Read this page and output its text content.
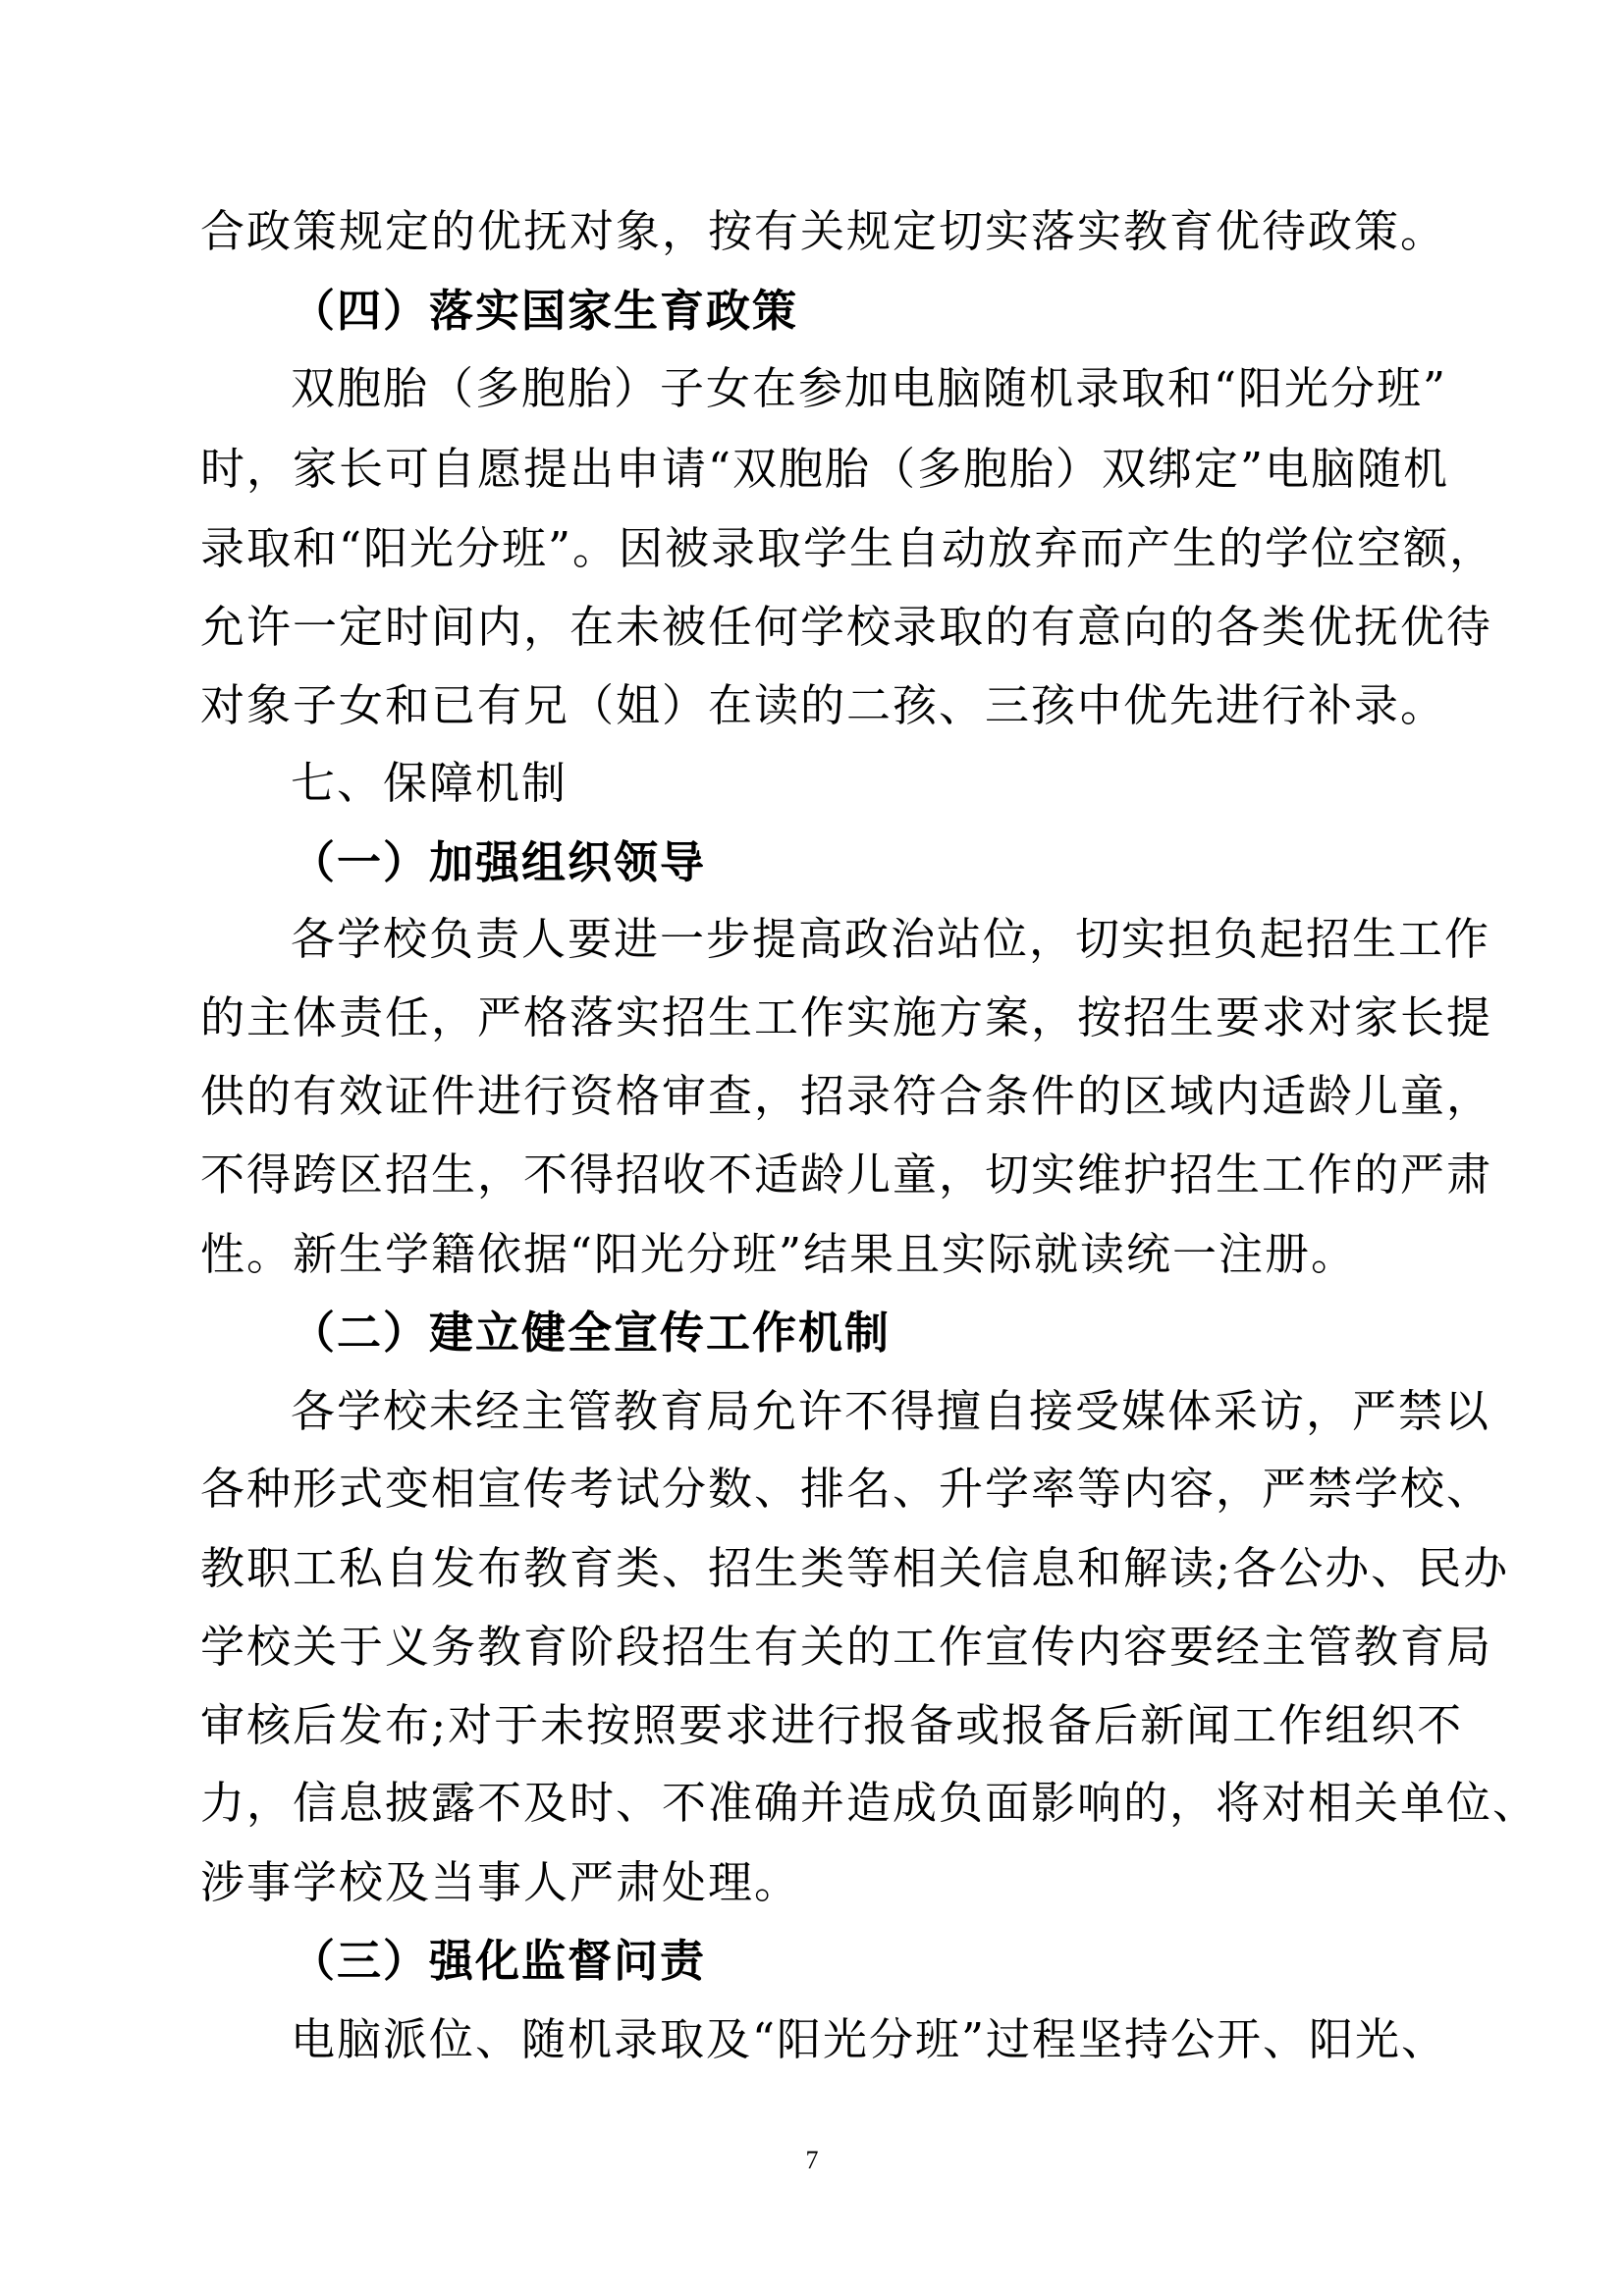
合政策规定的优抚对象，按有关规定切实落实教育优待政策。
（四）落实国家生育政策
双胞胎（多胞胎）子女在参加电脑随机录取和“阳光分班”
时，家长可自愿提出申请“双胞胎（多胞胎）双绑定”电脑随机
录取和“阳光分班”。因被录取学生自动放弃而产生的学位空额，
允许一定时间内，在未被任何学校录取的有意向的各类优抚优待
对象子女和已有兄（姐）在读的二孩、三孩中优先进行补录。
七、保障机制
（一）加强组织领导
各学校负责人要进一步提高政治站位，切实担负起招生工作
的主体责任，严格落实招生工作实施方案，按招生要求对家长提
供的有效证件进行资格审查，招录符合条件的区域内适龄儿童，
不得跨区招生，不得招收不适龄儿童，切实维护招生工作的严肃
性。新生学籍依据“阳光分班”结果且实际就读统一注册。
（二）建立健全宣传工作机制
各学校未经主管教育局允许不得擅自接受媒体采访，严禁以
各种形式变相宣传考试分数、排名、升学率等内容，严禁学校、
教职工私自发布教育类、招生类等相关信息和解读;各公办、民办
学校关于义务教育阶段招生有关的工作宣传内容要经主管教育局
审核后发布;对于未按照要求进行报备或报备后新闻工作组织不
力，信息披露不及时、不准确并造成负面影响的，将对相关单位、
涉事学校及当事人严肃处理。
（三）强化监督问责
电脑派位、随机录取及“阳光分班”过程坚持公开、阳光、
7
